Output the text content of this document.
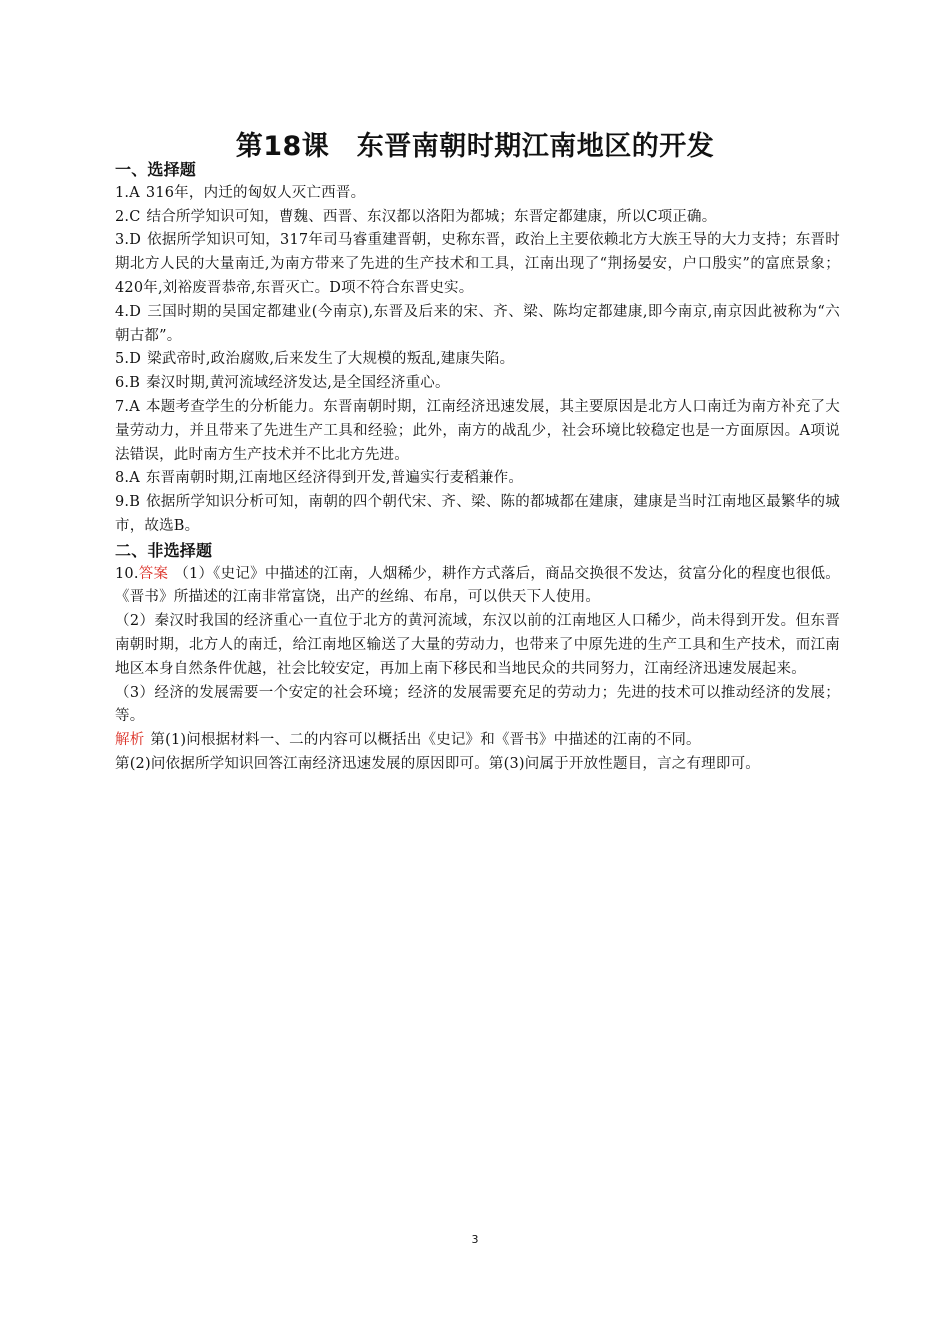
第18课　东晋南朝时期江南地区的开发
一、选择题

1.A 316年，内迁的匈奴人灭亡西晋。

2.C 结合所学知识可知，曹魏、西晋、东汉都以洛阳为都城；东晋定都建康，所以C项正确。

3.D 依据所学知识可知，317年司马睿重建晋朝，史称东晋，政治上主要依赖北方大族王导的大力支持；东晋时期北方人民的大量南迁,为南方带来了先进的生产技术和工具，江南出现了“荆扬晏安，户口殷实”的富庶景象；420年,刘裕废晋恭帝,东晋灭亡。D项不符合东晋史实。

4.D 三国时期的吴国定都建业(今南京),东晋及后来的宋、齐、梁、陈均定都建康,即今南京,南京因此被称为“六朝古都”。

5.D 梁武帝时,政治腐败,后来发生了大规模的叛乱,建康失陷。

6.B 秦汉时期,黄河流域经济发达,是全国经济重心。

7.A 本题考查学生的分析能力。东晋南朝时期，江南经济迅速发展，其主要原因是北方人口南迁为南方补充了大量劳动力，并且带来了先进生产工具和经验；此外，南方的战乱少，社会环境比较稳定也是一方面原因。A项说法错误，此时南方生产技术并不比北方先进。

8.A 东晋南朝时期,江南地区经济得到开发,普遍实行麦稻兼作。

9.B 依据所学知识分析可知，南朝的四个朝代宋、齐、梁、陈的都城都在建康，建康是当时江南地区最繁华的城市，故选B。

二、非选择题

10.答案 （1）《史记》中描述的江南，人烟稀少，耕作方式落后，商品交换很不发达，贫富分化的程度也很低。《晋书》所描述的江南非常富饶，出产的丝绵、布帛，可以供天下人使用。

（2）秦汉时我国的经济重心一直位于北方的黄河流域，东汉以前的江南地区人口稀少，尚未得到开发。但东晋南朝时期，北方人的南迁，给江南地区输送了大量的劳动力，也带来了中原先进的生产工具和生产技术，而江南地区本身自然条件优越，社会比较安定，再加上南下移民和当地民众的共同努力，江南经济迅速发展起来。

（3）经济的发展需要一个安定的社会环境；经济的发展需要充足的劳动力；先进的技术可以推动经济的发展；等。

解析 第(1)问根据材料一、二的内容可以概括出《史记》和《晋书》中描述的江南的不同。

第(2)问依据所学知识回答江南经济迅速发展的原因即可。第(3)问属于开放性题目，言之有理即可。

3
